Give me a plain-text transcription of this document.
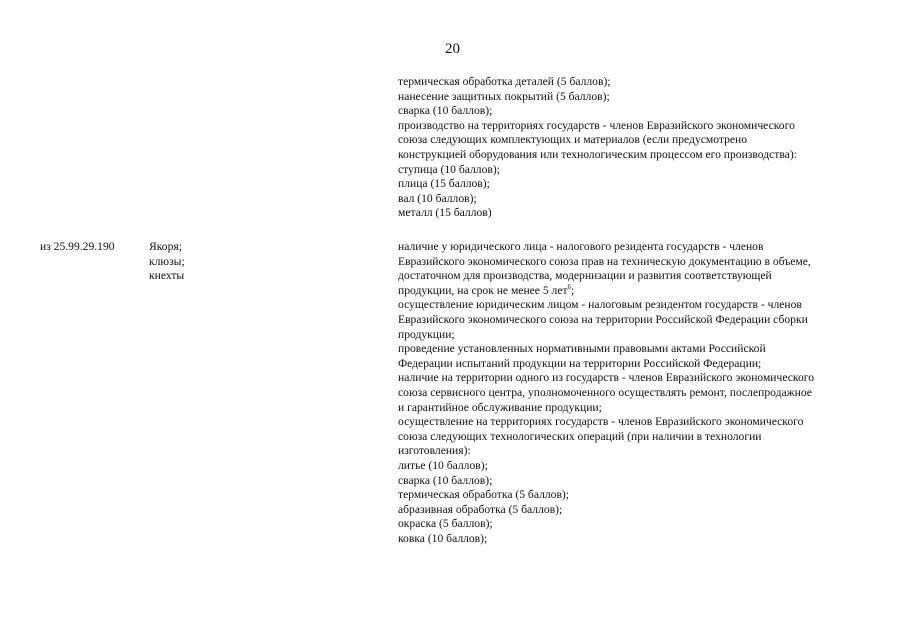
20
термическая обработка деталей (5 баллов);
нанесение защитных покрытий (5 баллов);
сварка (10 баллов);
производство на территориях государств - членов Евразийского экономического
союза следующих комплектующих и материалов (если предусмотрено
конструкцией оборудования или технологическим процессом его производства):
ступица (10 баллов);
плица (15 баллов);
вал (10 баллов);
металл (15 баллов)
из 25.99.29.190	Якоря;
клюзы;
кнехты
наличие у юридического лица - налогового резидента государств - членов
Евразийского экономического союза прав на техническую документацию в объеме,
достаточном для производства, модернизации и развития соответствующей
продукции, на срок не менее 5 лет$^6$;
осуществление юридическим лицом - налоговым резидентом государств - членов
Евразийского экономического союза на территории Российской Федерации сборки
продукции;
проведение установленных нормативными правовыми актами Российской
Федерации испытаний продукции на территории Российской Федерации;
наличие на территории одного из государств - членов Евразийского экономического
союза сервисного центра, уполномоченного осуществлять ремонт, послепродажное
и гарантийное обслуживание продукции;
осуществление на территориях государств - членов Евразийского экономического
союза следующих технологических операций (при наличии в технологии
изготовления):
литье (10 баллов);
сварка (10 баллов);
термическая обработка (5 баллов);
абразивная обработка (5 баллов);
окраска (5 баллов);
ковка (10 баллов);
